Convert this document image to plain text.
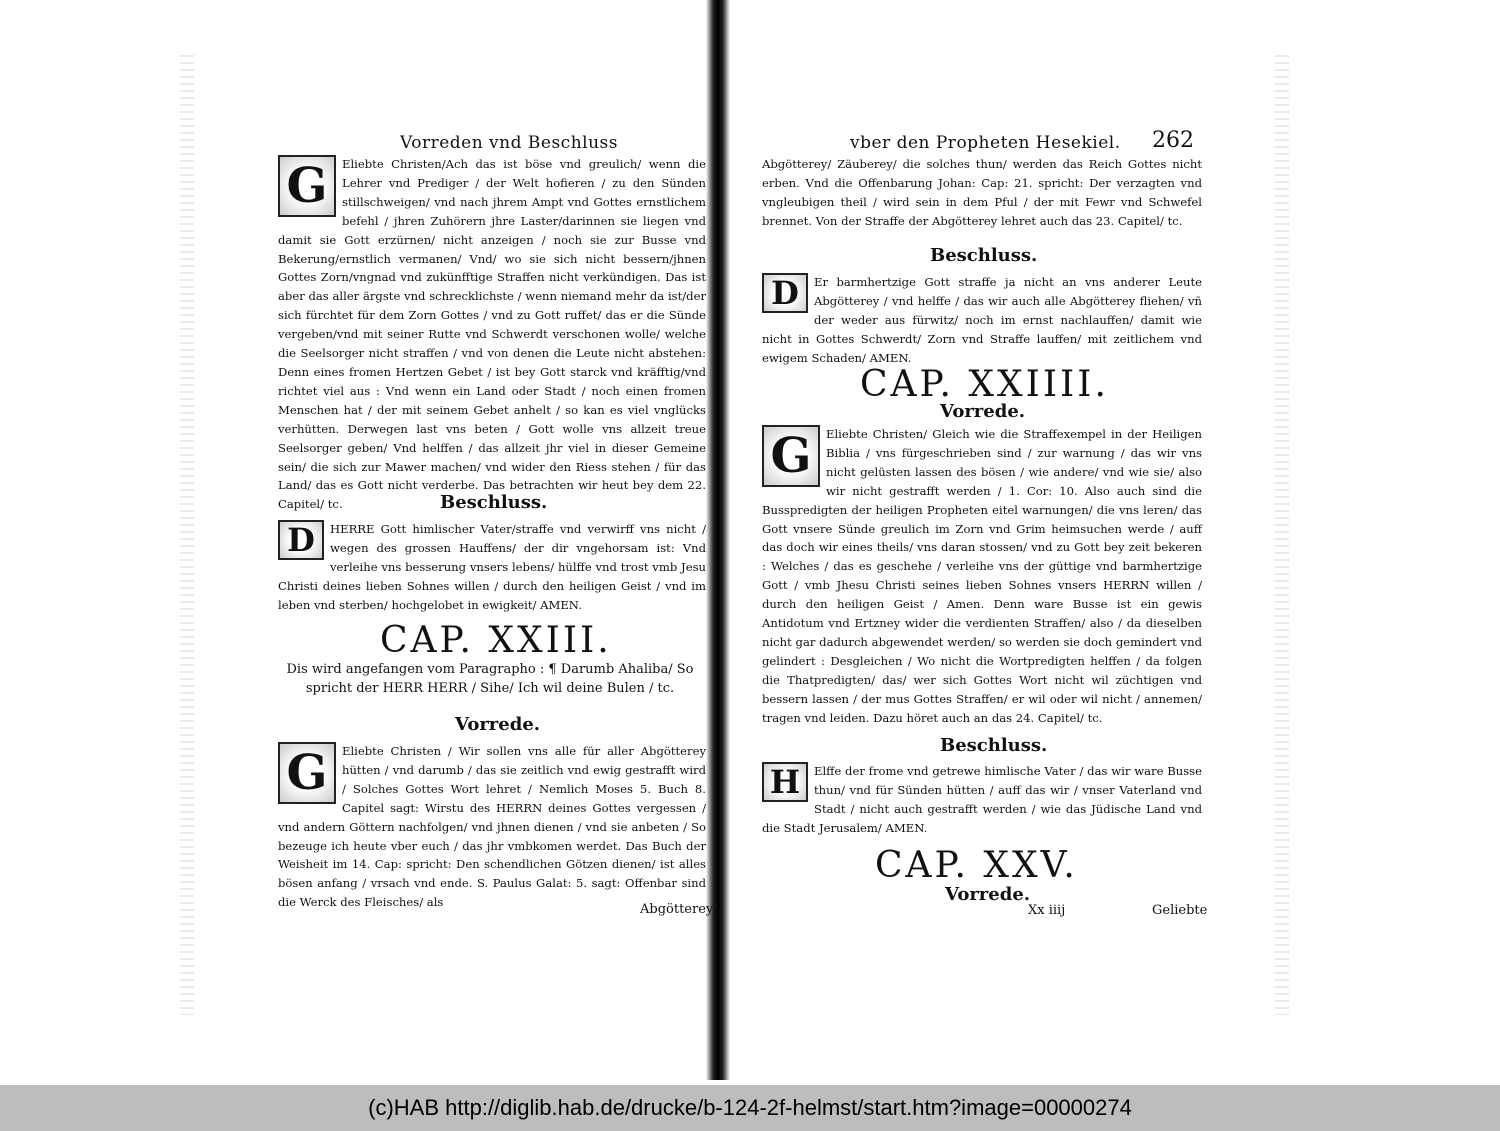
Vorreden vnd Beschluss

G	Eliebte Christen/Ach das ist böse vnd greulich/ wenn die Lehrer vnd Prediger / der Welt hofieren / zu den Sünden stillschweigen/ vnd nach jhrem Ampt vnd Gottes ernstlichem befehl / jhren Zuhörern jhre Laster/darinnen sie liegen vnd damit sie Gott erzürnen/ nicht anzeigen / noch sie zur Busse vnd Bekerung/ernstlich vermanen/ Vnd/ wo sie sich nicht bessern/jhnen Gottes Zorn/vngnad vnd zukünfftige Straffen nicht verkündigen. Das ist aber das aller ärgste vnd schrecklichste / wenn niemand mehr da ist/der sich fürchtet für dem Zorn Gottes / vnd zu Gott ruffet/ das er die Sünde vergeben/vnd mit seiner Rutte vnd Schwerdt verschonen wolle/ welche die Seelsorger nicht straffen / vnd von denen die Leute nicht abstehen: Denn eines fromen Hertzen Gebet / ist bey Gott starck vnd kräfftig/vnd richtet viel aus : Vnd wenn ein Land oder Stadt / noch einen fromen Menschen hat / der mit seinem Gebet anhelt / so kan es viel vnglücks verhütten. Derwegen last vns beten / Gott wolle vns allzeit treue Seelsorger geben/ Vnd helffen / das allzeit jhr viel in dieser Gemeine sein/ die sich zur Mawer machen/ vnd wider den Riess stehen / für das Land/ das es Gott nicht verderbe. Das betrachten wir heut bey dem 22. Capitel/ tc.	Beschluss.

D	HERRE Gott himlischer Vater/straffe vnd verwirff vns nicht / wegen des grossen Hauffens/ der dir vngehorsam ist: Vnd verleihe vns besserung vnsers lebens/ hülffe vnd trost vmb Jesu Christi deines lieben Sohnes willen / durch den heiligen Geist / vnd im leben vnd sterben/ hochgelobet in ewigkeit/ AMEN.

CAP. XXIII.
Dis wird angefangen vom Paragrapho : ¶ Darumb Ahaliba/ So spricht der HERR HERR / Sihe/ Ich wil deine Bulen / tc.
Vorrede.

G	Eliebte Christen / Wir sollen vns alle für aller Abgötterey hütten / vnd darumb / das sie zeitlich vnd ewig gestrafft wird / Solches Gottes Wort lehret / Nemlich Moses 5. Buch 8. Capitel sagt: Wirstu des HERRN deines Gottes vergessen / vnd andern Göttern nachfolgen/ vnd jhnen dienen / vnd sie anbeten / So bezeuge ich heute vber euch / das jhr vmbkomen werdet. Das Buch der Weisheit im 14. Cap: spricht: Den schendlichen Götzen dienen/ ist alles bösen anfang / vrsach vnd ende. S. Paulus Galat: 5. sagt: Offenbar sind die Werck des Fleisches/ als	Abgötterey/
vber den Propheten Hesekiel. 262

Abgötterey/ Zäuberey/ die solches thun/ werden das Reich Gottes nicht erben. Vnd die Offenbarung Johan: Cap: 21. spricht: Der verzagten vnd vngleubigen theil / wird sein in dem Pful / der mit Fewr vnd Schwefel brennet. Von der Straffe der Abgötterey lehret auch das 23. Capitel/ tc.

Beschluss.

D	Er barmhertzige Gott straffe ja nicht an vns anderer Leute Abgötterey / vnd helffe / das wir auch alle Abgötterey fliehen/ vñ der weder aus fürwitz/ noch im ernst nachlauffen/ damit wie nicht in Gottes Schwerdt/ Zorn vnd Straffe lauffen/ mit zeitlichem vnd ewigem Schaden/ AMEN.

CAP. XXIIII.
Vorrede.

G	Eliebte Christen/ Gleich wie die Straffexempel in der Heiligen Biblia / vns fürgeschrieben sind / zur warnung / das wir vns nicht gelüsten lassen des bösen / wie andere/ vnd wie sie/ also wir nicht gestrafft werden / 1. Cor: 10. Also auch sind die Busspredigten der heiligen Propheten eitel warnungen/ die vns leren/ das Gott vnsere Sünde greulich im Zorn vnd Grim heimsuchen werde / auff das doch wir eines theils/ vns daran stossen/ vnd zu Gott bey zeit bekeren : Welches / das es geschehe / verleihe vns der güttige vnd barmhertzige Gott / vmb Jhesu Christi seines lieben Sohnes vnsers HERRN willen / durch den heiligen Geist / Amen. Denn ware Busse ist ein gewis Antidotum vnd Ertzney wider die verdienten Straffen/ also / da dieselben nicht gar dadurch abgewendet werden/ so werden sie doch gemindert vnd gelindert : Desgleichen / Wo nicht die Wortpredigten helffen / da folgen die Thatpredigten/ das/ wer sich Gottes Wort nicht wil züchtigen vnd bessern lassen / der mus Gottes Straffen/ er wil oder wil nicht / annemen/ tragen vnd leiden. Dazu höret auch an das 24. Capitel/ tc.

Beschluss.

H	Elffe der frome vnd getrewe himlische Vater / das wir ware Busse thun/ vnd für Sünden hütten / auff das wir / vnser Vaterland vnd Stadt / nicht auch gestrafft werden / wie das Jüdische Land vnd die Stadt Jerusalem/ AMEN.

CAP. XXV.
Vorrede.
Xx iiij	Geliebte
(c)HAB http://diglib.hab.de/drucke/b-124-2f-helmst/start.htm?image=00000274
